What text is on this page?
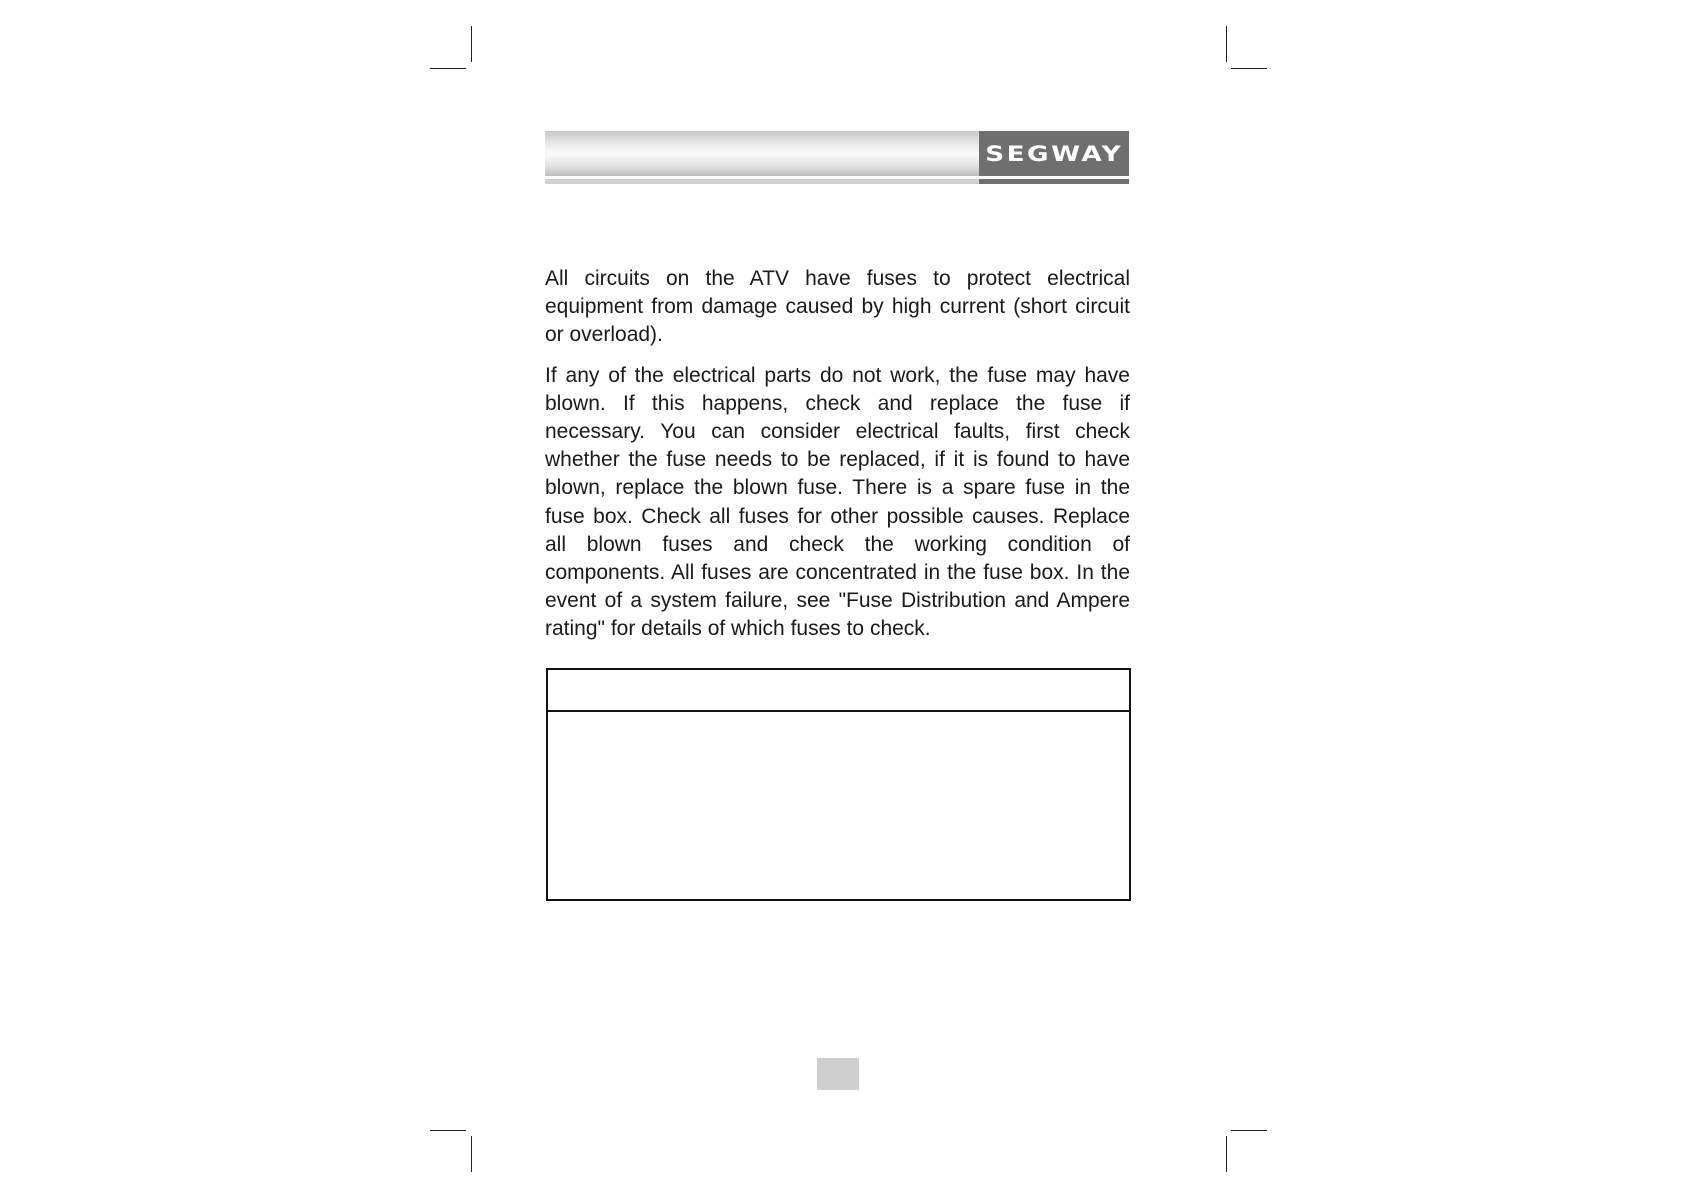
SEGWAY

All circuits on the ATV have fuses to protect electrical equipment from damage caused by high current (short circuit or overload).

If any of the electrical parts do not work, the fuse may have blown. If this happens, check and replace the fuse if necessary. You can consider electrical faults, first check whether the fuse needs to be replaced, if it is found to have blown, replace the blown fuse. There is a spare fuse in the fuse box. Check all fuses for other possible causes. Replace all blown fuses and check the working condition of components. All fuses are concentrated in the fuse box. In the event of a system failure, see "Fuse Distribution and Ampere rating" for details of which fuses to check.
